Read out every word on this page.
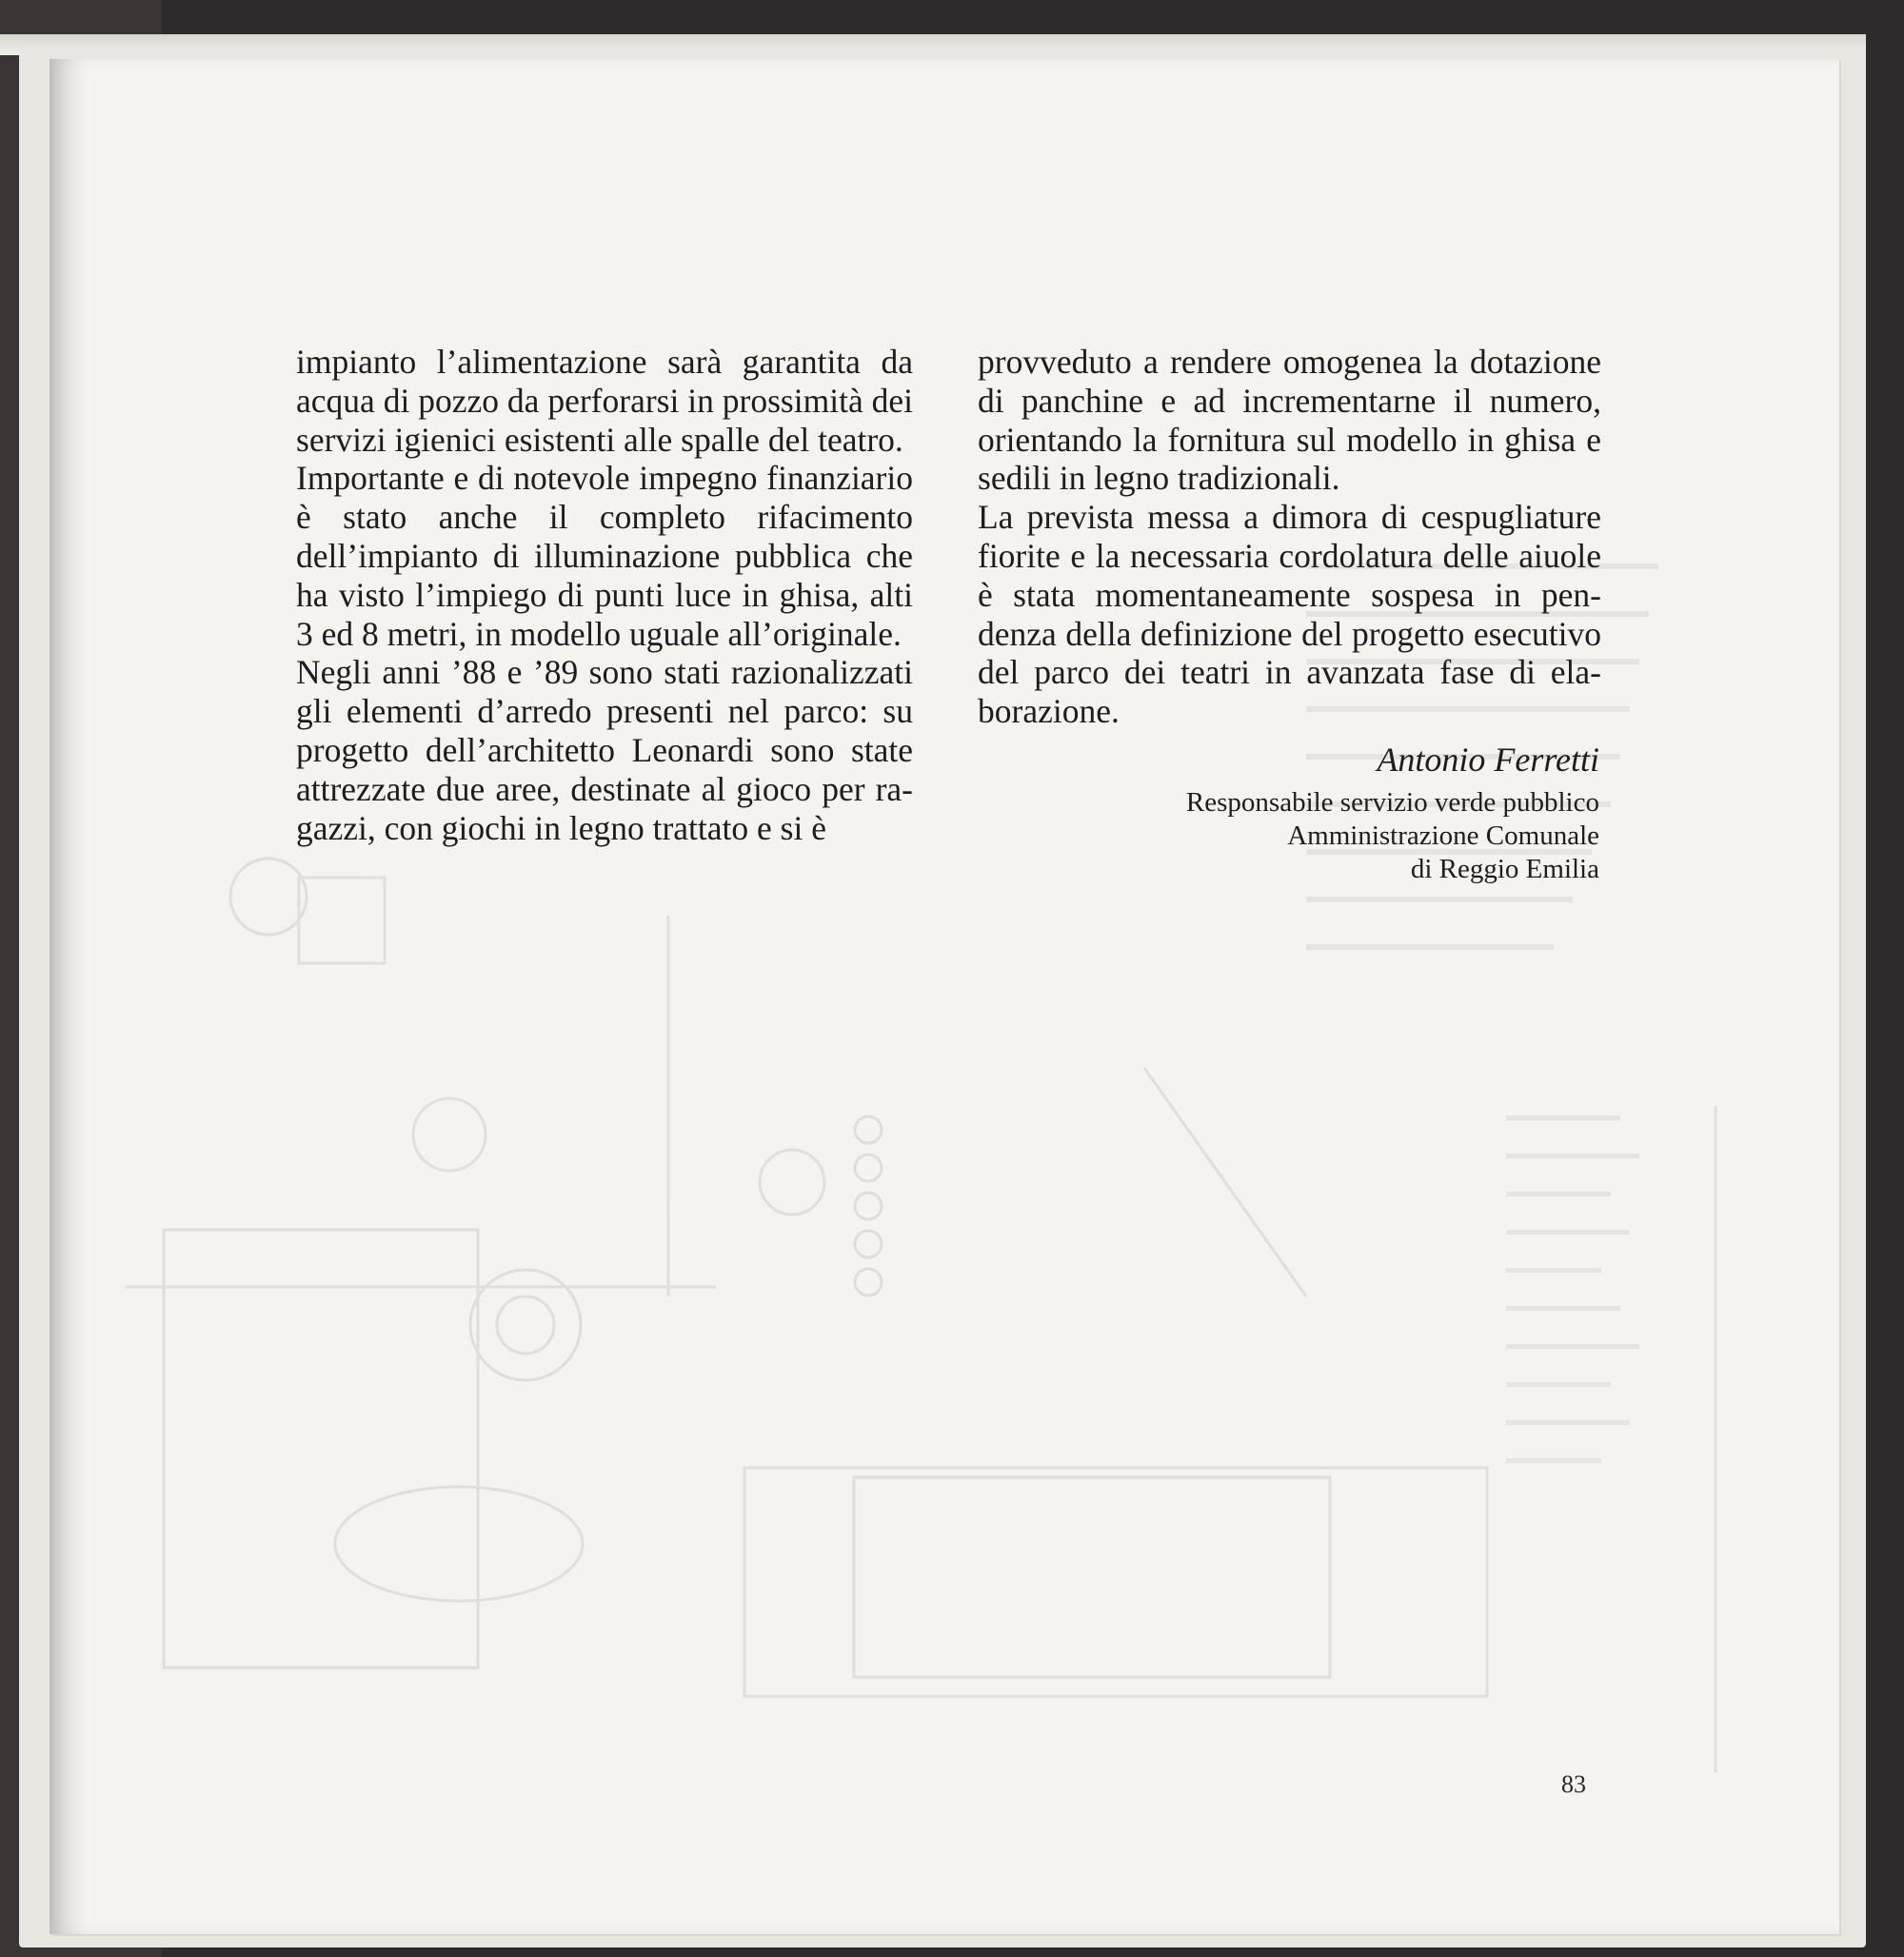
impianto l’alimentazione sarà garantita da acqua di pozzo da perforarsi in prossimità dei servizi igienici esistenti alle spalle del teatro.

Importante e di notevole impegno finanziario è stato anche il completo rifacimento dell’impianto di illuminazione pubblica che ha visto l’impiego di punti luce in ghisa, alti 3 ed 8 metri, in modello uguale all’originale.

Negli anni ’88 e ’89 sono stati razionalizzati gli elementi d’arredo presenti nel parco: su progetto dell’architetto Leonardi sono state attrezzate due aree, destinate al gioco per ragazzi, con giochi in legno trattato e si è

provveduto a rendere omogenea la dotazione di panchine e ad incrementarne il numero, orientando la fornitura sul modello in ghisa e sedili in legno tradizionali.

La prevista messa a dimora di cespugliature fiorite e la necessaria cordolatura delle aiuole è stata momentaneamente sospesa in pendenza della definizione del progetto esecutivo del parco dei teatri in avanzata fase di elaborazione.

Antonio Ferretti
Responsabile servizio verde pubblico
Amministrazione Comunale
di Reggio Emilia
83
